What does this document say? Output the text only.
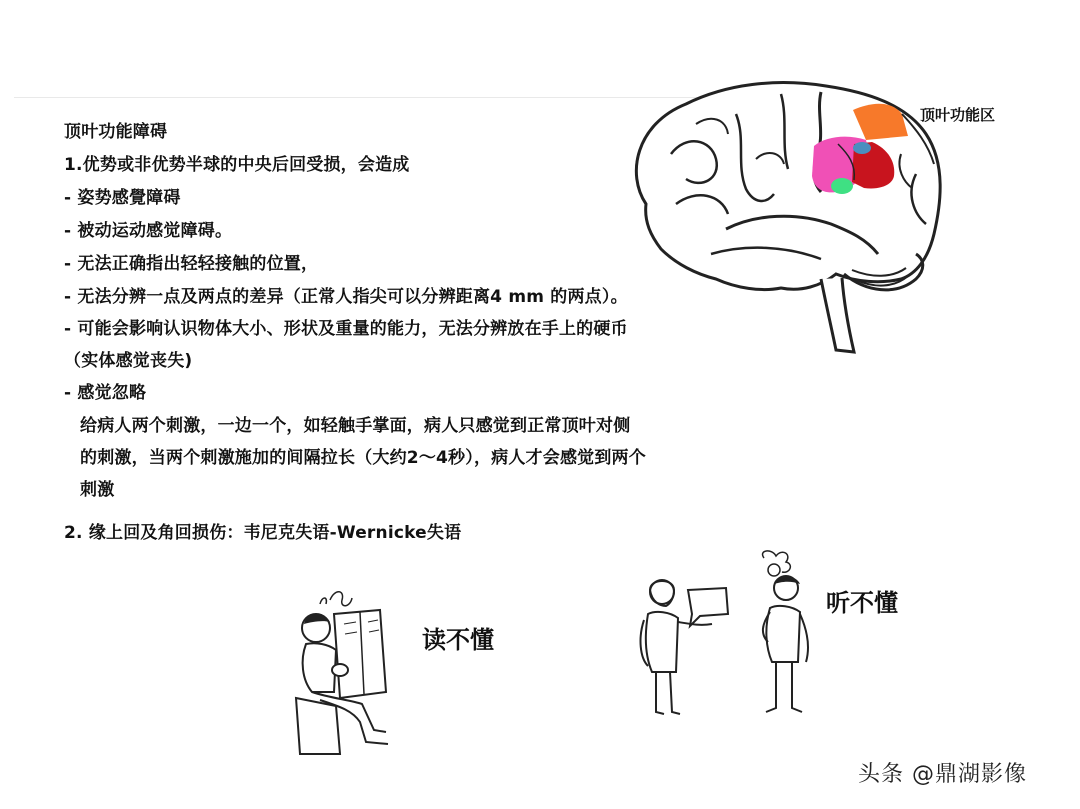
顶叶功能障碍
1.优势或非优势半球的中央后回受损，会造成
- 姿势感覺障碍
- 被动运动感觉障碍。
- 无法正确指出轻轻接触的位置，
- 无法分辨一点及两点的差异（正常人指尖可以分辨距离4 mm 的两点）。
- 可能会影响认识物体大小、形状及重量的能力，无法分辨放在手上的硬币
（实体感觉丧失)
- 感觉忽略
给病人两个刺激，一边一个，如轻触手掌面，病人只感觉到正常顶叶对侧
的刺激，当两个刺激施加的间隔拉长（大约2～4秒），病人才会感觉到两个
刺激
2. 缘上回及角回损伤：韦尼克失语-Wernicke失语
顶叶功能区
读不懂
听不懂
头条 @鼎湖影像
